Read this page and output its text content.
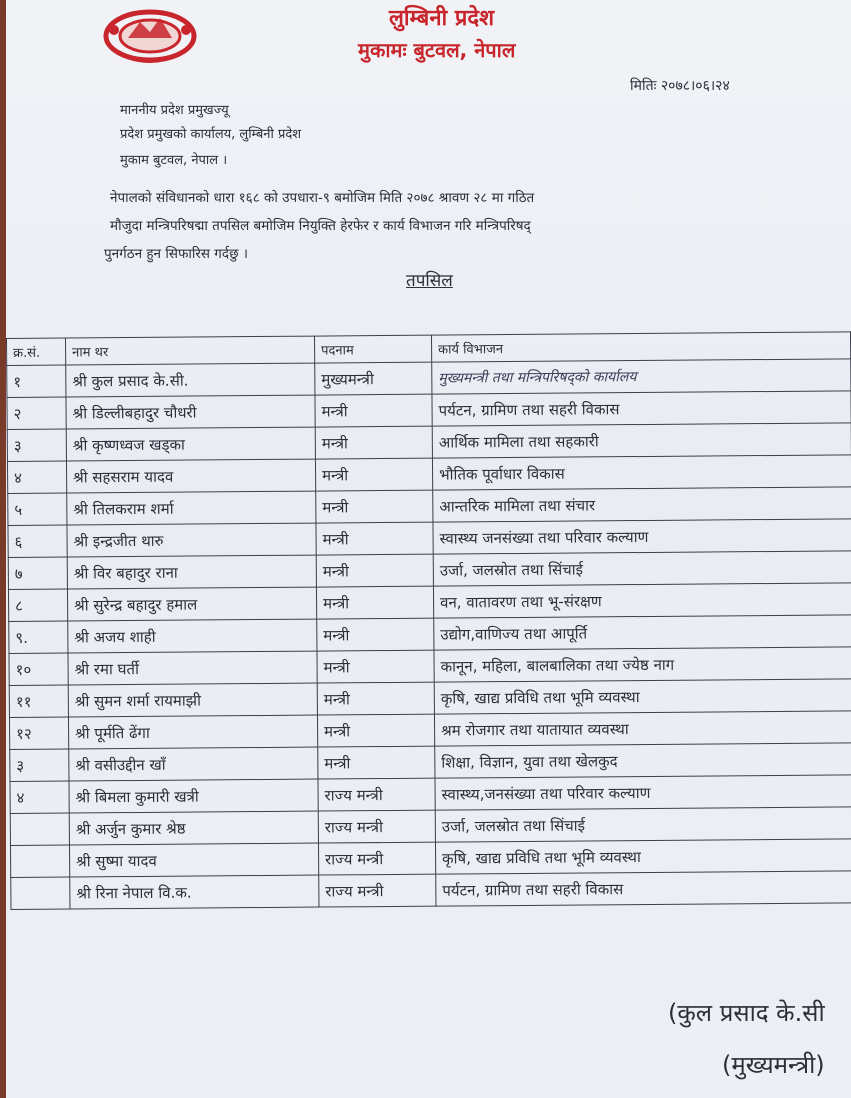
लुम्बिनी प्रदेश
मुकामः बुटवल, नेपाल
मितिः २०७८।०६।२४
माननीय प्रदेश प्रमुखज्यू
प्रदेश प्रमुखको कार्यालय, लुम्बिनी प्रदेश
मुकाम बुटवल, नेपाल ।
नेपालको संविधानको धारा १६८ को उपधारा-९ बमोजिम मिति २०७८ श्रावण २८ मा गठित
मौजुदा मन्त्रिपरिषद्मा तपसिल बमोजिम नियुक्ति हेरफेर र कार्य विभाजन गरि मन्त्रिपरिषद्
पुनर्गठन हुन सिफारिस गर्दछु ।
तपसिल
क्र.सं.	नाम थर	पदनाम	कार्य विभाजन
१	श्री कुल प्रसाद के.सी.	मुख्यमन्त्री	मुख्यमन्त्री तथा मन्त्रिपरिषद्को कार्यालय
२	श्री डिल्लीबहादुर चौधरी	मन्त्री	पर्यटन, ग्रामिण तथा सहरी विकास
३	श्री कृष्णध्वज खड्का	मन्त्री	आर्थिक मामिला तथा सहकारी
४	श्री सहसराम यादव	मन्त्री	भौतिक पूर्वाधार विकास
५	श्री तिलकराम शर्मा	मन्त्री	आन्तरिक मामिला तथा संचार
६	श्री इन्द्रजीत थारु	मन्त्री	स्वास्थ्य जनसंख्या तथा परिवार कल्याण
७	श्री विर बहादुर राना	मन्त्री	उर्जा, जलस्रोत तथा सिंचाई
८	श्री सुरेन्द्र बहादुर हमाल	मन्त्री	वन, वातावरण तथा भू-संरक्षण
९.	श्री अजय शाही	मन्त्री	उद्योग,वाणिज्य तथा आपूर्ति
१०	श्री रमा घर्ती	मन्त्री	कानून, महिला, बालबालिका तथा ज्येष्ठ नाग
११	श्री सुमन शर्मा रायमाझी	मन्त्री	कृषि, खाद्य प्रविधि तथा भूमि व्यवस्था
१२	श्री पूर्मति ढेंगा	मन्त्री	श्रम रोजगार तथा यातायात व्यवस्था
३	श्री वसीउद्दीन खाँ	मन्त्री	शिक्षा, विज्ञान, युवा तथा खेलकुद
४	श्री बिमला कुमारी खत्री	राज्य मन्त्री	स्वास्थ्य,जनसंख्या तथा परिवार कल्याण
	श्री अर्जुन कुमार श्रेष्ठ	राज्य मन्त्री	उर्जा, जलस्रोत तथा सिंचाई
	श्री सुष्मा यादव	राज्य मन्त्री	कृषि, खाद्य प्रविधि तथा भूमि व्यवस्था
	श्री रिना नेपाल वि.क.	राज्य मन्त्री	पर्यटन, ग्रामिण तथा सहरी विकास
(कुल प्रसाद के.सी
(मुख्यमन्त्री)
